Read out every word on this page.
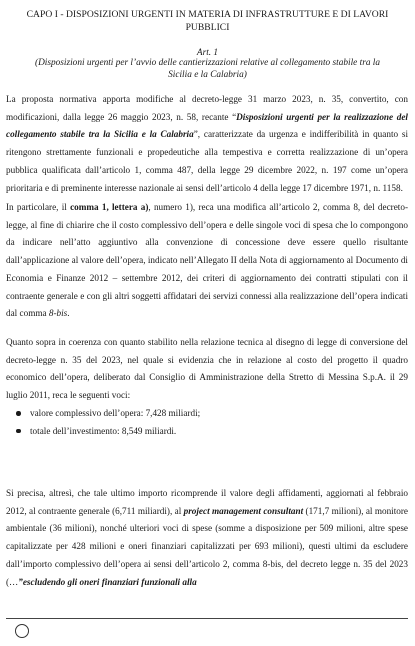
CAPO I - DISPOSIZIONI URGENTI IN MATERIA DI INFRASTRUTTURE E DI LAVORI
PUBBLICI
Art. 1
(Disposizioni urgenti per l’avvio delle cantierizzazioni relative al collegamento stabile tra la
Sicilia e la Calabria)

La proposta normativa apporta modifiche al decreto-legge 31 marzo 2023, n. 35, convertito, con modificazioni, dalla legge 26 maggio 2023, n. 58, recante “Disposizioni urgenti per la realizzazione del collegamento stabile tra la Sicilia e la Calabria”, caratterizzate da urgenza e indifferibilità in quanto si ritengono strettamente funzionali e propedeutiche alla tempestiva e corretta realizzazione di un’opera pubblica qualificata dall’articolo 1, comma 487, della legge 29 dicembre 2022, n. 197 come un’opera prioritaria e di preminente interesse nazionale ai sensi dell’articolo 4 della legge 17 dicembre 1971, n. 1158.

In particolare, il comma 1, lettera a), numero 1), reca una modifica all’articolo 2, comma 8, del decreto-legge, al fine di chiarire che il costo complessivo dell’opera e delle singole voci di spesa che lo compongono da indicare nell’atto aggiuntivo alla convenzione di concessione deve essere quello risultante dall’applicazione al valore dell’opera, indicato nell’Allegato II della Nota di aggiornamento al Documento di Economia e Finanze 2012 – settembre 2012, dei criteri di aggiornamento dei contratti stipulati con il contraente generale e con gli altri soggetti affidatari dei servizi connessi alla realizzazione dell’opera indicati dal comma 8-bis.

Quanto sopra in coerenza con quanto stabilito nella relazione tecnica al disegno di legge di conversione del decreto-legge n. 35 del 2023, nel quale si evidenzia che in relazione al costo del progetto il quadro economico dell’opera, deliberato dal Consiglio di Amministrazione della Stretto di Messina S.p.A. il 29 luglio 2011, reca le seguenti voci:

valore complessivo dell’opera: 7,428 miliardi;
totale dell’investimento: 8,549 miliardi.

Si precisa, altresì, che tale ultimo importo ricomprende il valore degli affidamenti, aggiornati al febbraio 2012, al contraente generale (6,711 miliardi), al project management consultant (171,7 milioni), al monitore ambientale (36 milioni), nonché ulteriori voci di spese (somme a disposizione per 509 milioni, altre spese capitalizzate per 428 milioni e oneri finanziari capitalizzati per 693 milioni), questi ultimi da escludere dall’importo complessivo dell’opera ai sensi dell’articolo 2, comma 8-bis, del decreto legge n. 35 del 2023 (…”escludendo gli oneri finanziari funzionali alla
